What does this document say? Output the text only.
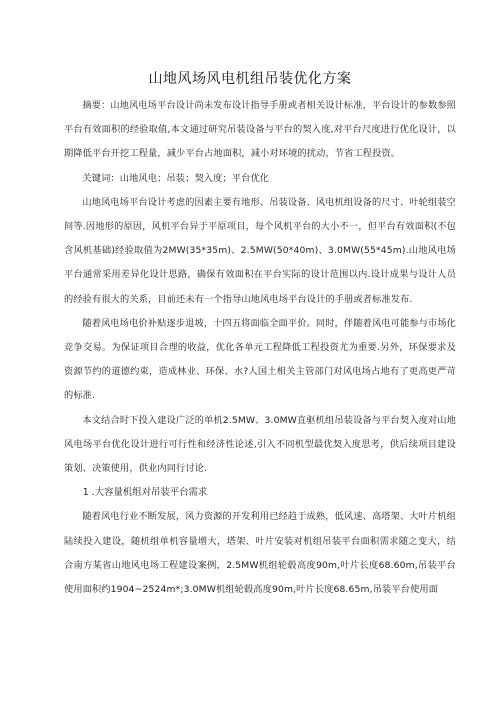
山地风场风电机组吊装优化方案

摘要：山地风电场平台设计尚未发布设计指导手册或者相关设计标准，平台设计的参数参照平台有效面积的经验取值,本文通过研究吊装设备与平台的契入度,对平台尺度进行优化设计，以期降低平台开挖工程量，减少平台占地面积，减小对环境的扰动，节省工程投资。

关键词：山地风电；吊装；契入度；平台优化

山地风电场平台设计考虑的因素主要有地形、吊装设备、风电机组设备的尺寸、叶轮组装空间等.因地形的原因，风机平台异于平原项目，每个风机平台的大小不一，但平台有效面积(不包含风机基础)经验取值为2MW(35*35m)、2.5MW(50*40m)、3.0MW(55*45m).山地风电场平台通常采用差异化设计思路，确保有效面积在平台实际的设计范围以内.设计成果与设计人员的经验有很大的关系，目前还未有一个指导山地风电场平台设计的手册或者标准发布.

随着风电场电价补贴逐步退坡，十四五将面临全面平价。同时，伴随着风电可能参与市场化竞争交易。为保证项目合理的收益，优化各单元工程降低工程投资尤为重要.另外，环保要求及资源节约的道德约束，造成林业、环保、水?人国土相关主管部门对风电场占地有了更高更严苛的标准.

本文结合时下投入建设广泛的单机2.5MW、3.0MW直驱机组吊装设备与平台契入度对山地风电场平台优化设计进行可行性和经济性论述,引入不同机型最优契入度思考，供后续项目建设策划、决策使用，供业内同行讨论.

1 .大容量机组对吊装平台需求

随着风电行业不断发展，风力资源的开发利用已经趋于成熟，低风速、高塔架、大叶片机组陆续投入建设，随机组单机容量增大，塔架、叶片安装对机组吊装平台面积需求随之变大，结合南方某省山地风电场工程建设案例，2.5MW机组轮毂高度90m,叶片长度68.60m,吊装平台使用面积约1904~2524m*;3.0MW机组轮毂高度90m,叶片长度68.65m,吊装平台使用面
